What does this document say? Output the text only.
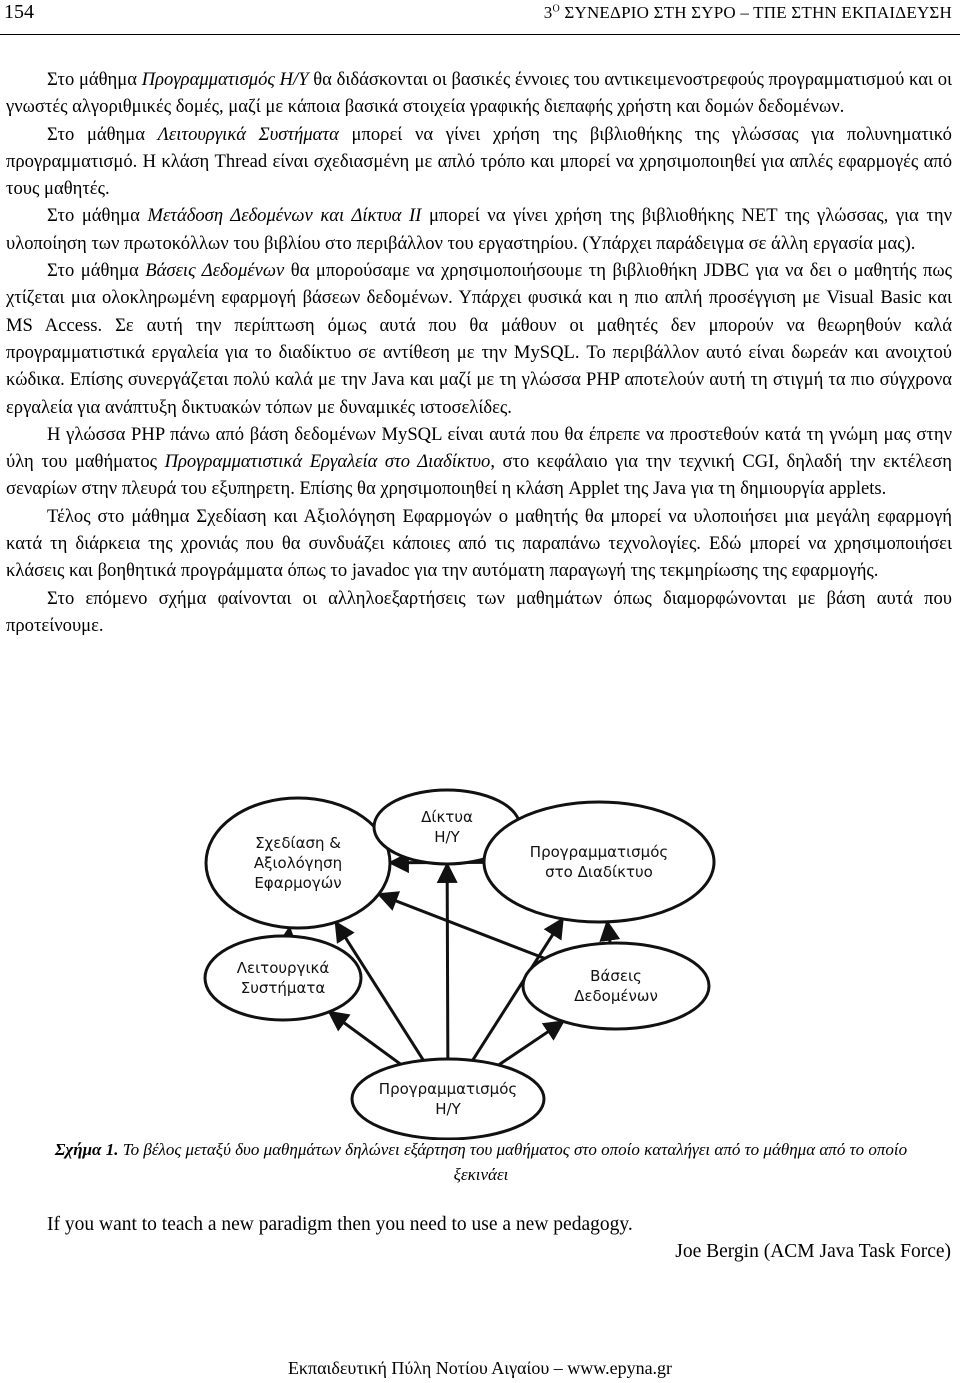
154	$3^O$ ΣΥΝΕΔΡΙΟ ΣΤΗ ΣΥΡΟ – ΤΠΕ ΣΤΗΝ ΕΚΠΑΙΔΕΥΣΗ

Στο μάθημα Προγραμματισμός Η/Υ θα διδάσκονται οι βασικές έννοιες του αντικειμενοστρεφούς προγραμματισμού και οι γνωστές αλγοριθμικές δομές, μαζί με κάποια βασικά στοιχεία γραφικής διεπαφής χρήστη και δομών δεδομένων.

Στο μάθημα Λειτουργικά Συστήματα μπορεί να γίνει χρήση της βιβλιοθήκης της γλώσσας για πολυνηματικό προγραμματισμό. Η κλάση Thread είναι σχεδιασμένη με απλό τρόπο και μπορεί να χρησιμοποιηθεί για απλές εφαρμογές από τους μαθητές.

Στο μάθημα Μετάδοση Δεδομένων και Δίκτυα ΙΙ μπορεί να γίνει χρήση της βιβλιοθήκης NET της γλώσσας, για την υλοποίηση των πρωτοκόλλων του βιβλίου στο περιβάλλον του εργαστηρίου. (Υπάρχει παράδειγμα σε άλλη εργασία μας).

Στο μάθημα Βάσεις Δεδομένων θα μπορούσαμε να χρησιμοποιήσουμε τη βιβλιοθήκη JDBC για να δει ο μαθητής πως χτίζεται μια ολοκληρωμένη εφαρμογή βάσεων δεδομένων. Υπάρχει φυσικά και η πιο απλή προσέγγιση με Visual Basic και MS Access. Σε αυτή την περίπτωση όμως αυτά που θα μάθουν οι μαθητές δεν μπορούν να θεωρηθούν καλά προγραμματιστικά εργαλεία για το διαδίκτυο σε αντίθεση με την MySQL. Το περιβάλλον αυτό είναι δωρεάν και ανοιχτού κώδικα. Επίσης συνεργάζεται πολύ καλά με την Java και μαζί με τη γλώσσα PHP αποτελούν αυτή τη στιγμή τα πιο σύγχρονα εργαλεία για ανάπτυξη δικτυακών τόπων με δυναμικές ιστοσελίδες.

Η γλώσσα PHP πάνω από βάση δεδομένων MySQL είναι αυτά που θα έπρεπε να προστεθούν κατά τη γνώμη μας στην ύλη του μαθήματος Προγραμματιστικά Εργαλεία στο Διαδίκτυο, στο κεφάλαιο για την τεχνική CGI, δηλαδή την εκτέλεση σεναρίων στην πλευρά του εξυπηρετη. Επίσης θα χρησιμοποιηθεί η κλάση Applet της Java για τη δημιουργία applets.

Τέλος στο μάθημα Σχεδίαση και Αξιολόγηση Εφαρμογών ο μαθητής θα μπορεί να υλοποιήσει μια μεγάλη εφαρμογή κατά τη διάρκεια της χρονιάς που θα συνδυάζει κάποιες από τις παραπάνω τεχνολογίες. Εδώ μπορεί να χρησιμοποιήσει κλάσεις και βοηθητικά προγράμματα όπως το javadoc για την αυτόματη παραγωγή της τεκμηρίωσης της εφαρμογής.

Στο επόμενο σχήμα φαίνονται οι αλληλοεξαρτήσεις των μαθημάτων όπως διαμορφώνονται με βάση αυτά που προτείνουμε.

Σχεδίαση &
Αξιολόγηση
Εφαρμογών
Δίκτυα
Η/Υ
Προγραμματισμός
στο Διαδίκτυο
Λειτουργικά
Συστήματα
Βάσεις
Δεδομένων
Προγραμματισμός
Η/Υ
Σχήμα 1. Το βέλος μεταξύ δυο μαθημάτων δηλώνει εξάρτηση του μαθήματος στο οποίο καταλήγει από το μάθημα από το οποίο ξεκινάει
If you want to teach a new paradigm then you need to use a new pedagogy.
Joe Bergin (ACM Java Task Force)
Εκπαιδευτική Πύλη Νοτίου Αιγαίου – www.epyna.gr
